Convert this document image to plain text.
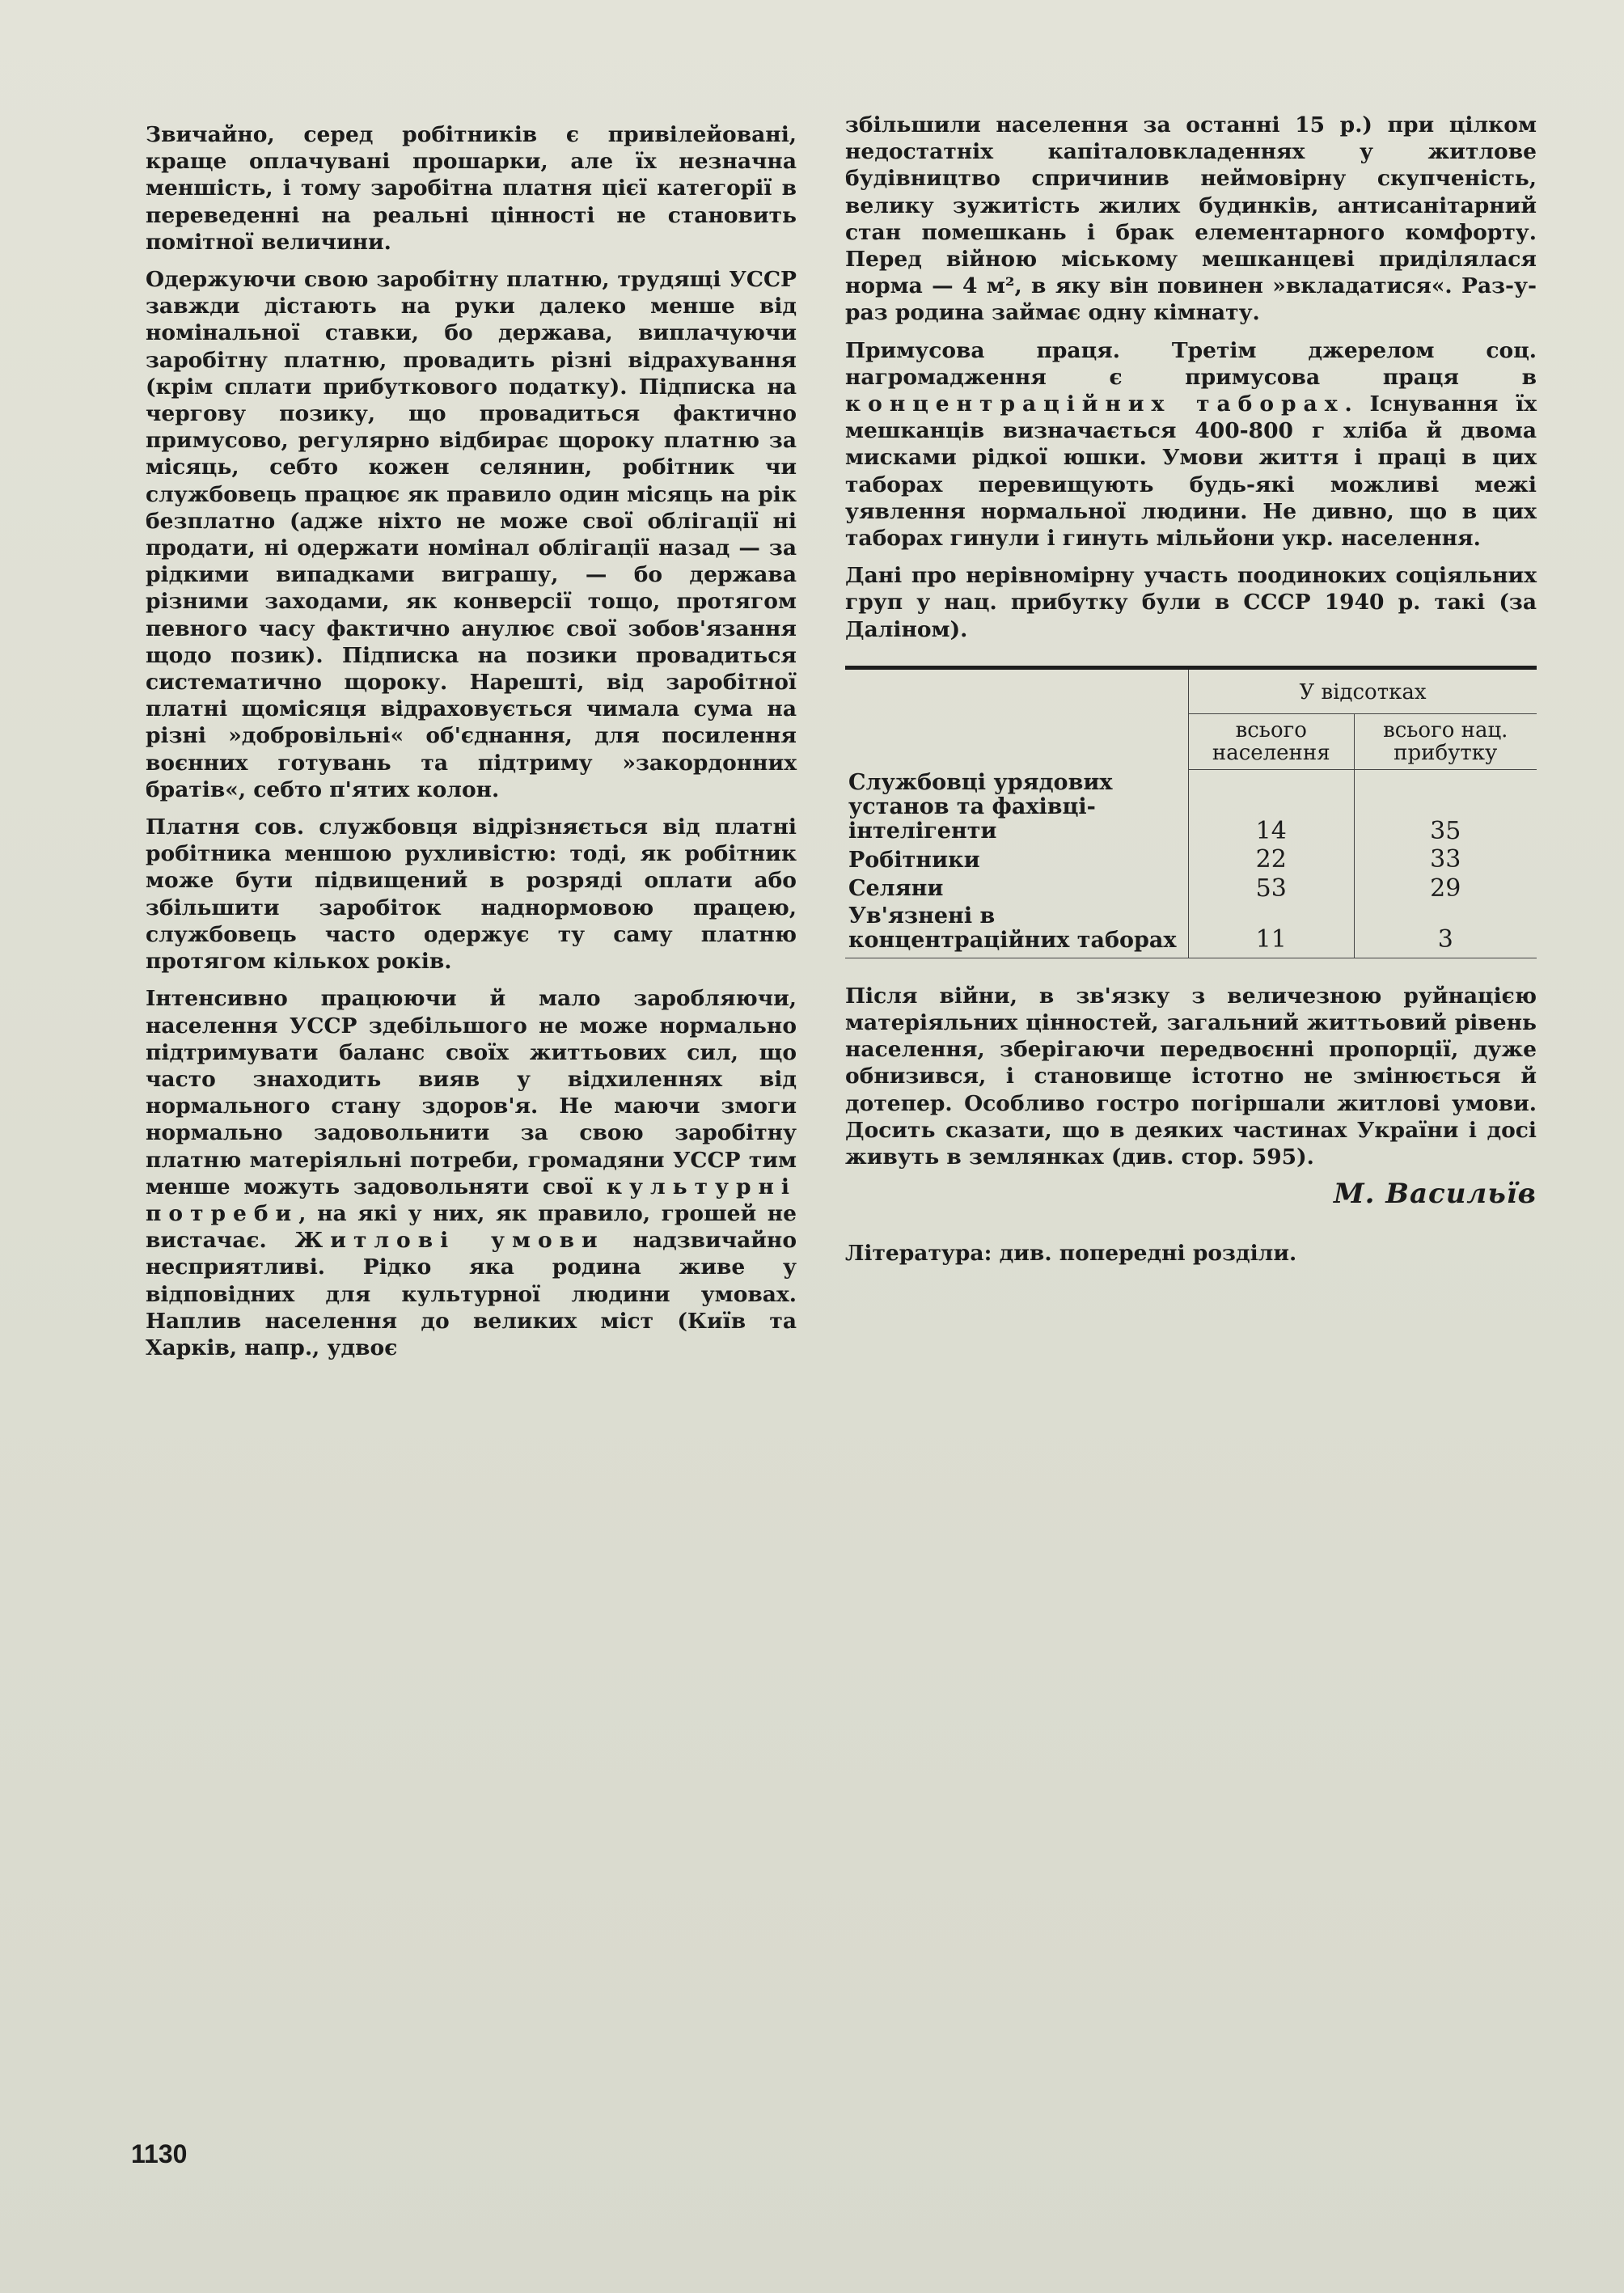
Звичайно, серед робітників є привілейовані, краще оплачувані прошарки, але їх незначна меншість, і тому заробітна платня цієї категорії в переведенні на реальні цінності не становить помітної величини.

Одержуючи свою заробітну платню, трудящі УССР завжди дістають на руки далеко менше від номінальної ставки, бо держава, виплачуючи заробітну платню, провадить різні відрахування (крім сплати прибуткового податку). Підписка на чергову позику, що провадиться фактично примусово, регулярно відбирає щороку платню за місяць, себто кожен селянин, робітник чи службовець працює як правило один місяць на рік безплатно (адже ніхто не може свої облігації ні продати, ні одержати номінал облігації назад — за рідкими випадками виграшу, — бо держава різними заходами, як конверсії тощо, протягом певного часу фактично анулює свої зобов'язання щодо позик). Підписка на позики провадиться систематично щороку. Нарешті, від заробітної платні щомісяця відраховується чимала сума на різні »добровільні« об'єднання, для посилення воєнних готувань та підтриму »закордонних братів«, себто п'ятих колон.

Платня сов. службовця відрізняється від платні робітника меншою рухливістю: тоді, як робітник може бути підвищений в розряді оплати або збільшити заробіток наднормовою працею, службовець часто одержує ту саму платню протягом кількох років.

Інтенсивно працюючи й мало заробляючи, населення УССР здебільшого не може нормально підтримувати баланс своїх життьових сил, що часто знаходить вияв у відхиленнях від нормального стану здоров'я. Не маючи змоги нормально задовольнити за свою заробітну платню матеріяльні потреби, громадяни УССР тим менше можуть задовольняти свої культурні потреби, на які у них, як правило, грошей не вистачає. Житлові умови надзвичайно несприятливі. Рідко яка родина живе у відповідних для культурної людини умовах. Наплив населення до великих міст (Київ та Харків, напр., удвоє

збільшили населення за останні 15 р.) при цілком недостатніх капіталовкладеннях у житлове будівництво спричинив неймовірну скупченість, велику зужитість жилих будинків, антисанітарний стан помешкань і брак елементарного комфорту. Перед війною міському мешканцеві приділялася норма — 4 м², в яку він повинен »вкладатися«. Раз-у-раз родина займає одну кімнату.

Примусова праця. Третім джерелом соц. нагромадження є примусова праця в концентраційних таборах. Існування їх мешканців визначається 400-800 г хліба й двома мисками рідкої юшки. Умови життя і праці в цих таборах перевищують будь-які можливі межі уявлення нормальної людини. Не дивно, що в цих таборах гинули і гинуть мільйони укр. населення.

Дані про нерівномірну участь поодиноких соціяльних груп у нац. прибутку були в СССР 1940 р. такі (за Даліном).

	У відсотках	
	всього населення	всього нац. прибутку
Службовці урядових установ та фахівці-інтелігенти	14	35
Робітники	22	33
Селяни	53	29
Ув'язнені в концентраційних таборах	11	3

Після війни, в зв'язку з величезною руйнацією матеріяльних цінностей, загальний життьовий рівень населення, зберігаючи передвоєнні пропорції, дуже обнизився, і становище істотно не змінюється й дотепер. Особливо гостро погіршали житлові умови. Досить сказати, що в деяких частинах України і досі живуть в землянках (див. стор. 595).

М. Васильїв

Література: див. попередні розділи.

1130
